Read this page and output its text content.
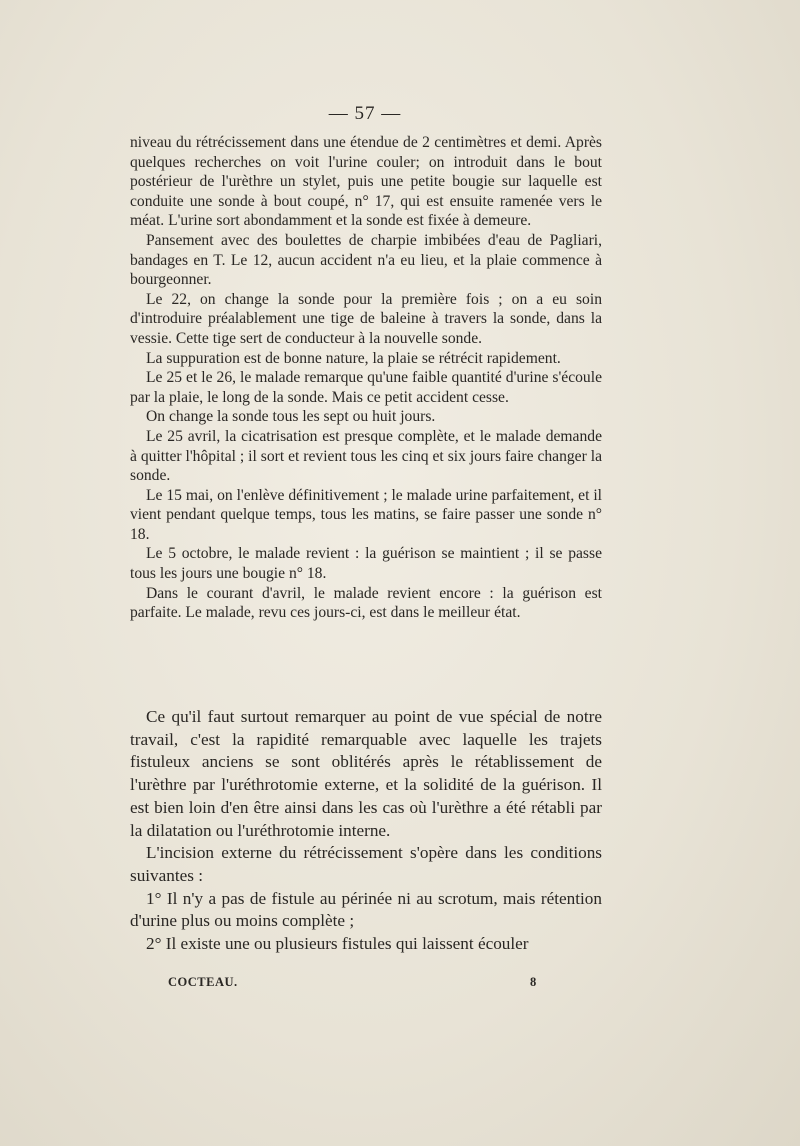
— 57 —

niveau du rétrécissement dans une étendue de 2 centimètres et demi. Après quelques recherches on voit l'urine couler; on introduit dans le bout postérieur de l'urèthre un stylet, puis une petite bougie sur laquelle est conduite une sonde à bout coupé, n° 17, qui est ensuite ramenée vers le méat. L'urine sort abondamment et la sonde est fixée à demeure.

Pansement avec des boulettes de charpie imbibées d'eau de Pagliari, bandages en T. Le 12, aucun accident n'a eu lieu, et la plaie commence à bourgeonner.

Le 22, on change la sonde pour la première fois ; on a eu soin d'introduire préalablement une tige de baleine à travers la sonde, dans la vessie. Cette tige sert de conducteur à la nouvelle sonde.

La suppuration est de bonne nature, la plaie se rétrécit rapidement.

Le 25 et le 26, le malade remarque qu'une faible quantité d'urine s'écoule par la plaie, le long de la sonde. Mais ce petit accident cesse.

On change la sonde tous les sept ou huit jours.

Le 25 avril, la cicatrisation est presque complète, et le malade demande à quitter l'hôpital ; il sort et revient tous les cinq et six jours faire changer la sonde.

Le 15 mai, on l'enlève définitivement ; le malade urine parfaitement, et il vient pendant quelque temps, tous les matins, se faire passer une sonde n° 18.

Le 5 octobre, le malade revient : la guérison se maintient ; il se passe tous les jours une bougie n° 18.

Dans le courant d'avril, le malade revient encore : la guérison est parfaite. Le malade, revu ces jours-ci, est dans le meilleur état.

Ce qu'il faut surtout remarquer au point de vue spécial de notre travail, c'est la rapidité remarquable avec laquelle les trajets fistuleux anciens se sont oblitérés après le rétablissement de l'urèthre par l'uréthrotomie externe, et la solidité de la guérison. Il est bien loin d'en être ainsi dans les cas où l'urèthre a été rétabli par la dilatation ou l'uréthrotomie interne.

L'incision externe du rétrécissement s'opère dans les conditions suivantes :

1° Il n'y a pas de fistule au périnée ni au scrotum, mais rétention d'urine plus ou moins complète ;

2° Il existe une ou plusieurs fistules qui laissent écouler

COCTEAU.	8
